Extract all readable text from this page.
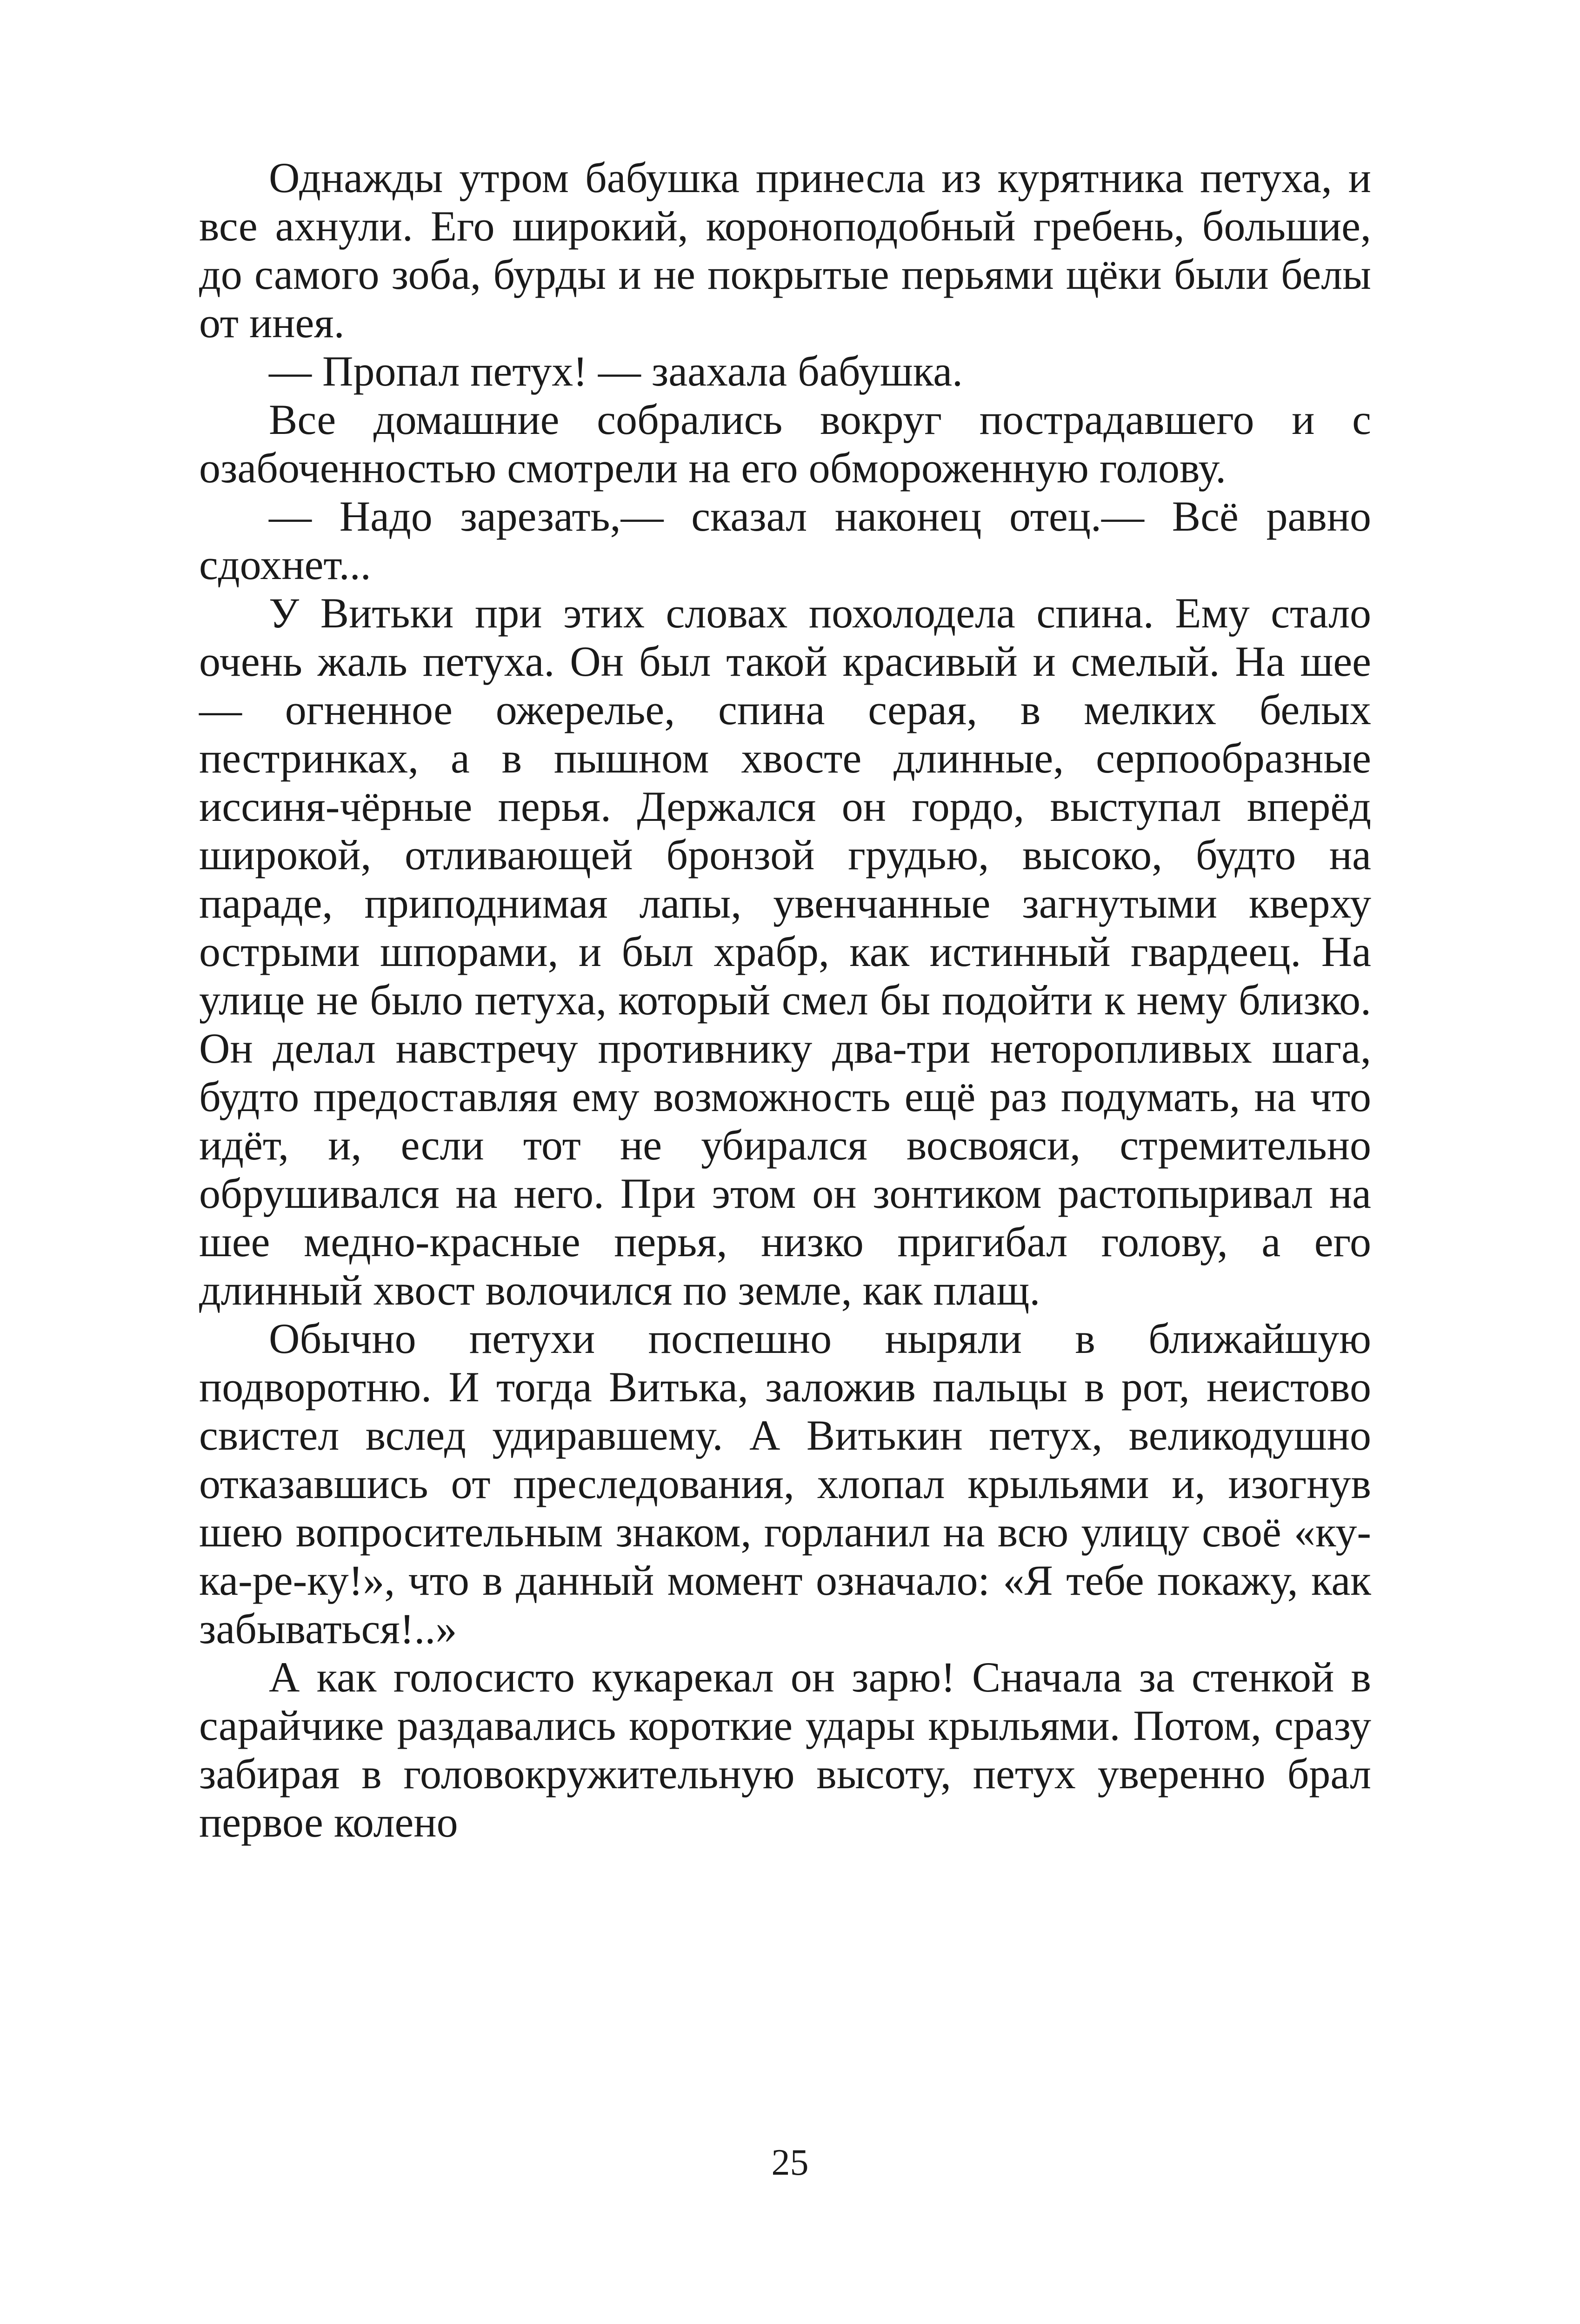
Однажды утром бабушка принесла из курятника петуха, и все ахнули. Его широкий, короноподобный гребень, большие, до самого зоба, бурды и не покрытые перьями щёки были белы от инея.

— Пропал петух! — заахала бабушка.

Все домашние собрались вокруг пострадавшего и с озабоченностью смотрели на его обмороженную голову.

— Надо зарезать,— сказал наконец отец.— Всё равно сдохнет...

У Витьки при этих словах похолодела спина. Ему стало очень жаль петуха. Он был такой красивый и смелый. На шее — огненное ожерелье, спина серая, в мелких белых пестринках, а в пышном хвосте длинные, серпообразные иссиня-чёрные перья. Держался он гордо, выступал вперёд широкой, отливающей бронзой грудью, высоко, будто на параде, приподнимая лапы, увенчанные загнутыми кверху острыми шпорами, и был храбр, как истинный гвардеец. На улице не было петуха, который смел бы подойти к нему близко. Он делал навстречу противнику два-три неторопливых шага, будто предоставляя ему возможность ещё раз подумать, на что идёт, и, если тот не убирался восвояси, стремительно обрушивался на него. При этом он зонтиком растопыривал на шее медно-красные перья, низко пригибал голову, а его длинный хвост волочился по земле, как плащ.

Обычно петухи поспешно ныряли в ближайшую подворотню. И тогда Витька, заложив пальцы в рот, неистово свистел вслед удиравшему. А Витькин петух, великодушно отказавшись от преследования, хлопал крыльями и, изогнув шею вопросительным знаком, горланил на всю улицу своё «ку-ка-ре-ку!», что в данный момент означало: «Я тебе покажу, как забываться!..»

А как голосисто кукарекал он зарю! Сначала за стенкой в сарайчике раздавались короткие удары крыльями. Потом, сразу забирая в головокружительную высоту, петух уверенно брал первое колено

25
